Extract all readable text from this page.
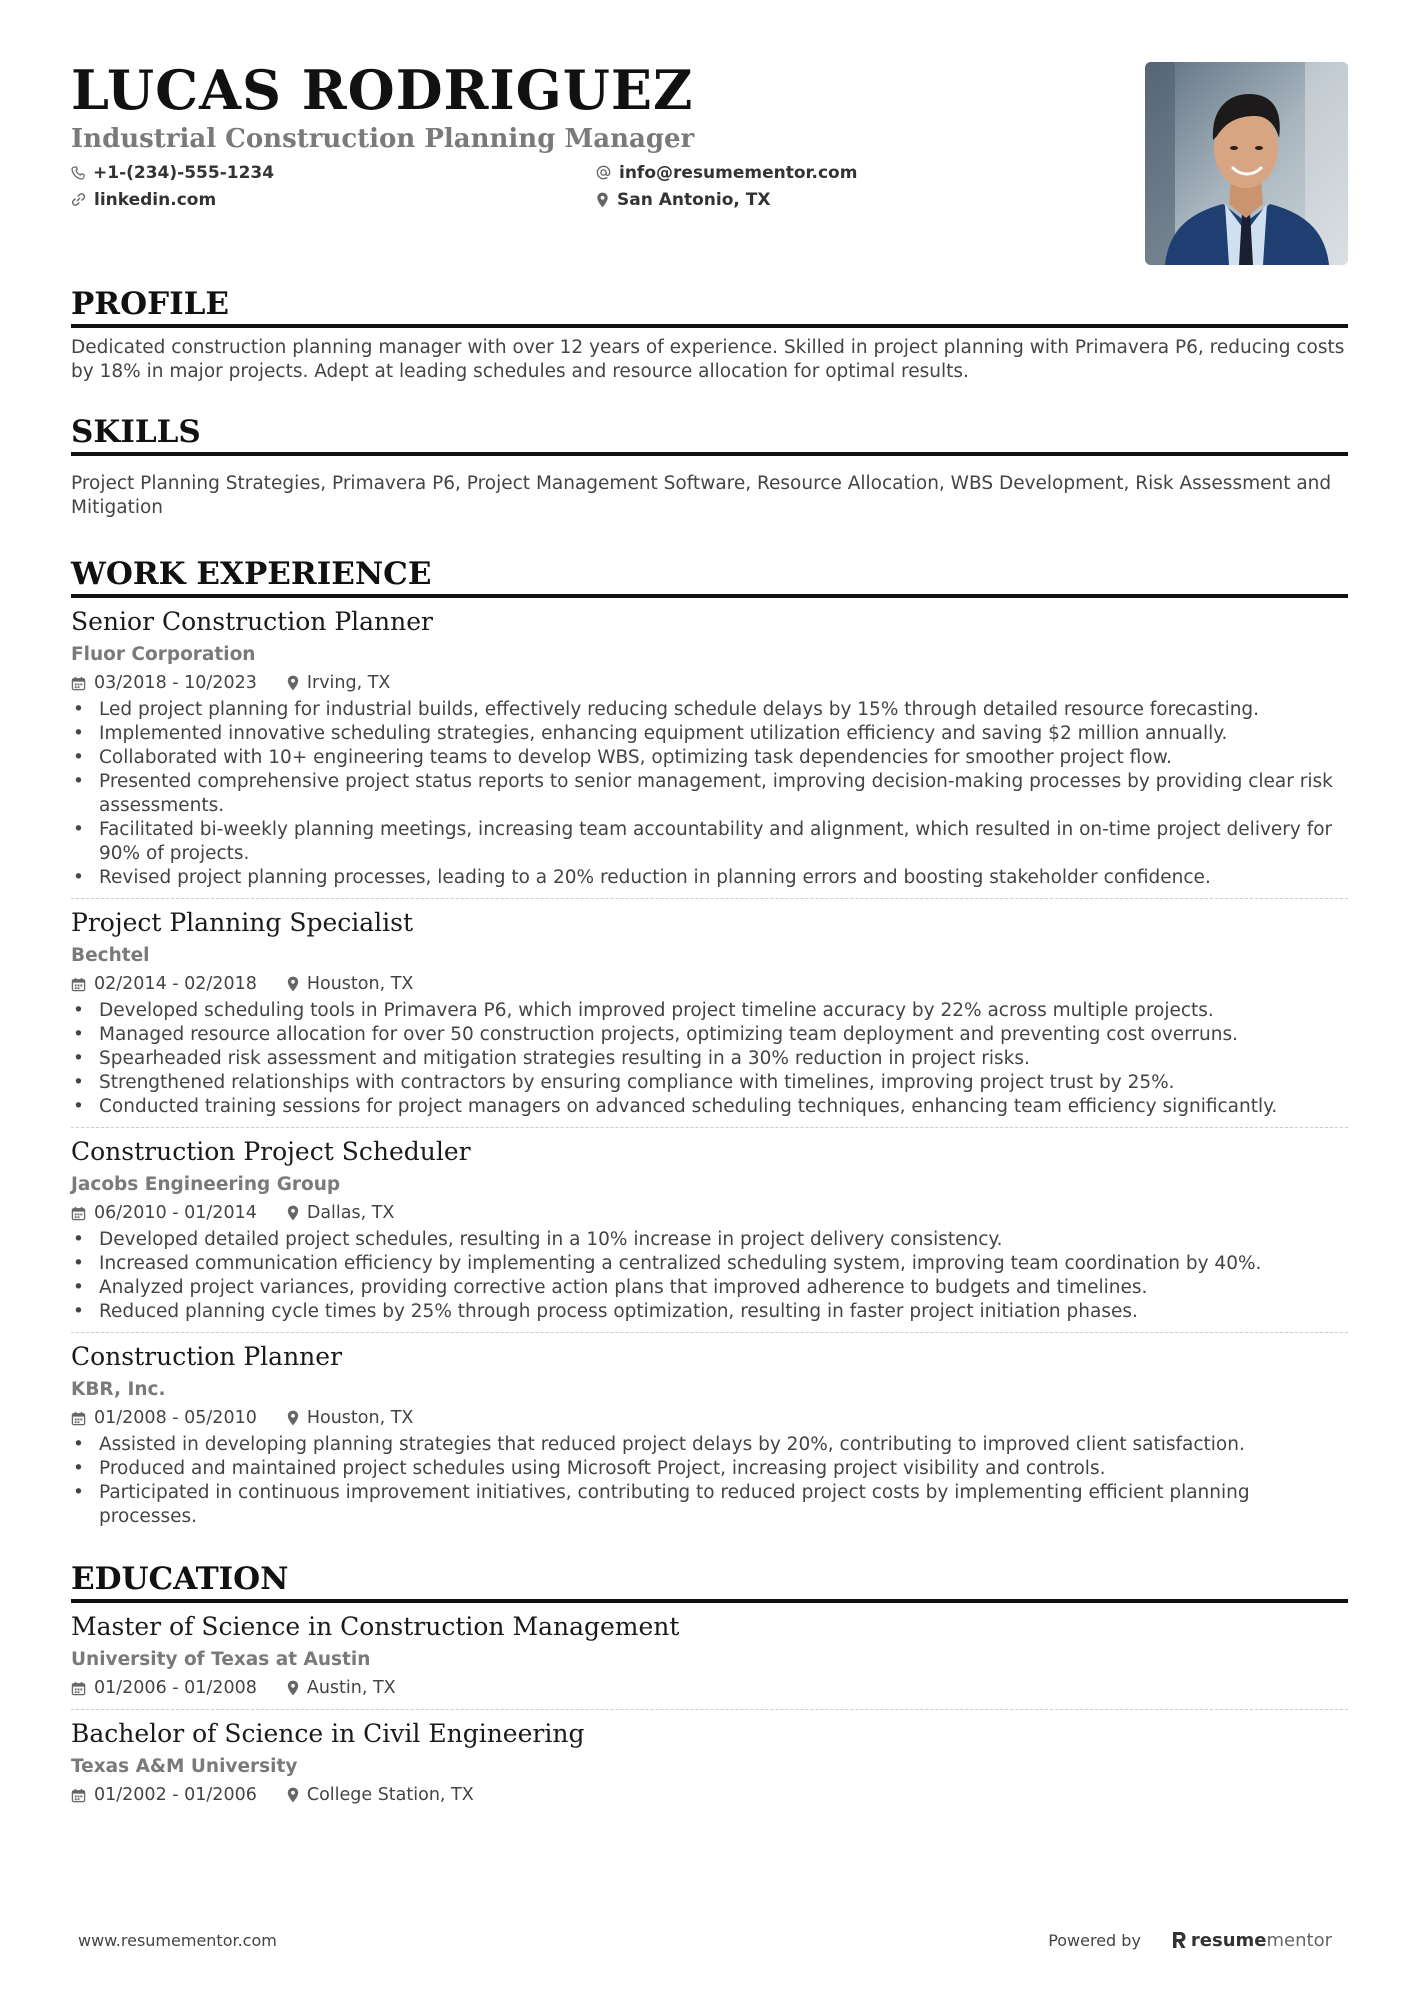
LUCAS RODRIGUEZ
Industrial Construction Planning Manager
+1-(234)-555-1234	info@resumementor.com
linkedin.com	San Antonio, TX
PROFILE

Dedicated construction planning manager with over 12 years of experience. Skilled in project planning with Primavera P6, reducing costs by 18% in major projects. Adept at leading schedules and resource allocation for optimal results.

SKILLS

Project Planning Strategies, Primavera P6, Project Management Software, Resource Allocation, WBS Development, Risk Assessment and Mitigation

WORK EXPERIENCE
Senior Construction Planner
Fluor Corporation
03/2018 - 10/2023	Irving, TX
• Led project planning for industrial builds, effectively reducing schedule delays by 15% through detailed resource forecasting.
• Implemented innovative scheduling strategies, enhancing equipment utilization efficiency and saving $2 million annually.
• Collaborated with 10+ engineering teams to develop WBS, optimizing task dependencies for smoother project flow.
• Presented comprehensive project status reports to senior management, improving decision-making processes by providing clear risk assessments.
• Facilitated bi-weekly planning meetings, increasing team accountability and alignment, which resulted in on-time project delivery for 90% of projects.
• Revised project planning processes, leading to a 20% reduction in planning errors and boosting stakeholder confidence.
Project Planning Specialist
Bechtel
02/2014 - 02/2018	Houston, TX
• Developed scheduling tools in Primavera P6, which improved project timeline accuracy by 22% across multiple projects.
• Managed resource allocation for over 50 construction projects, optimizing team deployment and preventing cost overruns.
• Spearheaded risk assessment and mitigation strategies resulting in a 30% reduction in project risks.
• Strengthened relationships with contractors by ensuring compliance with timelines, improving project trust by 25%.
• Conducted training sessions for project managers on advanced scheduling techniques, enhancing team efficiency significantly.
Construction Project Scheduler
Jacobs Engineering Group
06/2010 - 01/2014	Dallas, TX
• Developed detailed project schedules, resulting in a 10% increase in project delivery consistency.
• Increased communication efficiency by implementing a centralized scheduling system, improving team coordination by 40%.
• Analyzed project variances, providing corrective action plans that improved adherence to budgets and timelines.
• Reduced planning cycle times by 25% through process optimization, resulting in faster project initiation phases.
Construction Planner
KBR, Inc.
01/2008 - 05/2010	Houston, TX
• Assisted in developing planning strategies that reduced project delays by 20%, contributing to improved client satisfaction.
• Produced and maintained project schedules using Microsoft Project, increasing project visibility and controls.
• Participated in continuous improvement initiatives, contributing to reduced project costs by implementing efficient planning processes.
EDUCATION
Master of Science in Construction Management
University of Texas at Austin
01/2006 - 01/2008	Austin, TX
Bachelor of Science in Civil Engineering
Texas A&M University
01/2002 - 01/2006	College Station, TX
www.resumementor.com	Powered by	resume mentor
